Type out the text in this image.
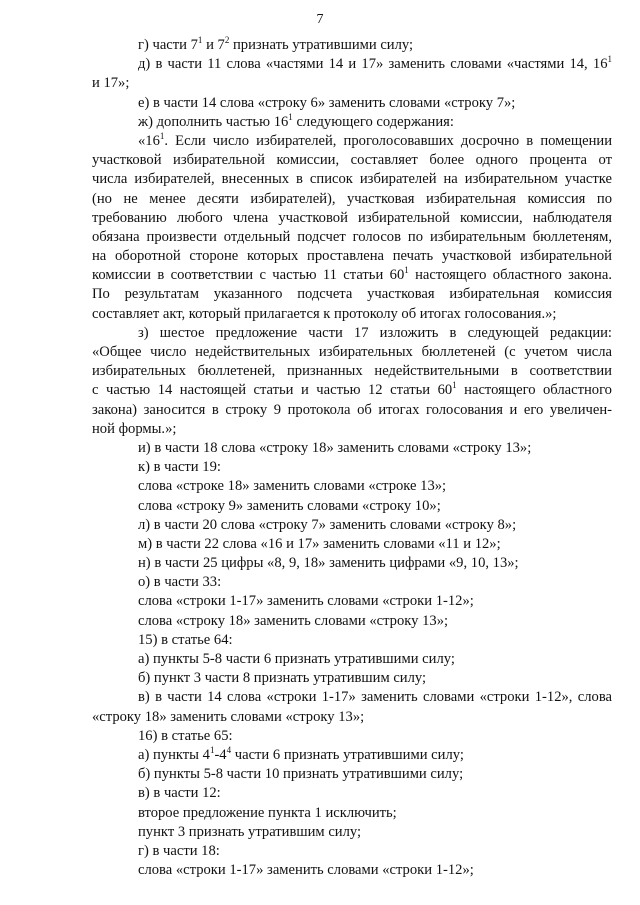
7
г) части $7^1$ и $7^2$ признать утратившими силу;
д) в части 11 слова «частями 14 и 17» заменить словами «частями 14, $16^1$
и 17»;
е) в части 14 слова «строку 6» заменить словами «строку 7»;
ж) дополнить частью $16^1$ следующего содержания:
«$16^1$. Если число избирателей, проголосовавших досрочно в помещении
участковой избирательной комиссии, составляет более одного процента от
числа избирателей, внесенных в список избирателей на избирательном участке
(но не менее десяти избирателей), участковая избирательная комиссия по
требованию любого члена участковой избирательной комиссии, наблюдателя
обязана произвести отдельный подсчет голосов по избирательным бюллетеням,
на оборотной стороне которых проставлена печать участковой избирательной
комиссии в соответствии с частью 11 статьи $60^1$ настоящего областного закона.
По результатам указанного подсчета участковая избирательная комиссия
составляет акт, который прилагается к протоколу об итогах голосования.»;
з) шестое предложение части 17 изложить в следующей редакции:
«Общее число недействительных избирательных бюллетеней (с учетом числа
избирательных бюллетеней, признанных недействительными в соответствии
с частью 14 настоящей статьи и частью 12 статьи $60^1$ настоящего областного
закона) заносится в строку 9 протокола об итогах голосования и его увеличен-
ной формы.»;
и) в части 18 слова «строку 18» заменить словами «строку 13»;
к) в части 19:
слова «строке 18» заменить словами «строке 13»;
слова «строку 9» заменить словами «строку 10»;
л) в части 20 слова «строку 7» заменить словами «строку 8»;
м) в части 22 слова «16 и 17» заменить словами «11 и 12»;
н) в части 25 цифры «8, 9, 18» заменить цифрами «9, 10, 13»;
о) в части 33:
слова «строки 1-17» заменить словами «строки 1-12»;
слова «строку 18» заменить словами «строку 13»;
15) в статье 64:
а) пункты 5-8 части 6 признать утратившими силу;
б) пункт 3 части 8 признать утратившим силу;
в) в части 14 слова «строки 1-17» заменить словами «строки 1-12», слова
«строку 18» заменить словами «строку 13»;
16) в статье 65:
а) пункты $4^1-4^4$ части 6 признать утратившими силу;
б) пункты 5-8 части 10 признать утратившими силу;
в) в части 12:
второе предложение пункта 1 исключить;
пункт 3 признать утратившим силу;
г) в части 18:
слова «строки 1-17» заменить словами «строки 1-12»;
